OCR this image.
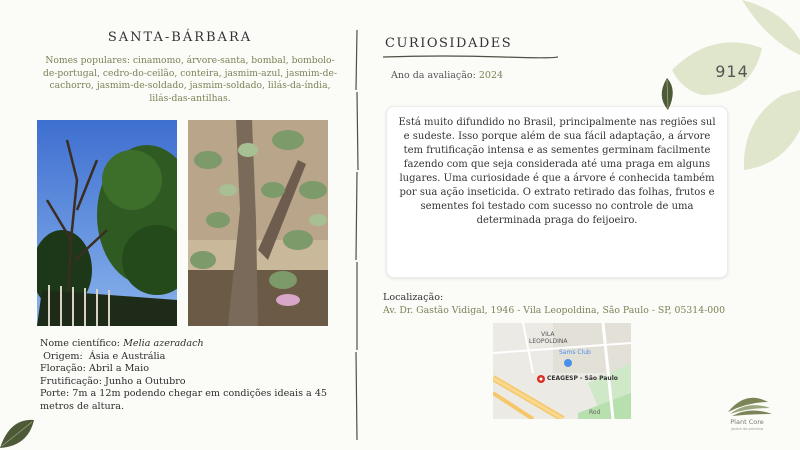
SANTA-BÁRBARA
Nomes populares: cinamomo, árvore-santa, bombal, bombolo-de-portugal, cedro-do-ceilão, conteira, jasmim-azul, jasmim-de-cachorro, jasmim-de-soldado, jasmim-soldado, lilás-da-índia, lilás-das-antilhas.
Nome científico: Melia azeradach
Origem: Ásia e Austrália
Floração: Abril a Maio
Frutificação: Junho a Outubro
Porte: 7m a 12m podendo chegar em condições ideais a 45 metros de altura.
CURIOSIDADES
Ano da avaliação: 2024
Está muito difundido no Brasil, principalmente nas regiões sul e sudeste. Isso porque além de sua fácil adaptação, a árvore tem frutificação intensa e as sementes germinam facilmente fazendo com que seja considerada até uma praga em alguns lugares. Uma curiosidade é que a árvore é conhecida também por sua ação inseticida. O extrato retirado das folhas, frutos e sementes foi testado com sucesso no controle de uma determinada praga do feijoeiro.
Localização:
Av. Dr. Gastão Vidigal, 1946 - Vila Leopoldina, São Paulo - SP, 05314-000
VILA
LEOPOLDINA
Sams Club
CEAGESP - São Paulo
Rod
914
Plant Core
jardim de primeira
